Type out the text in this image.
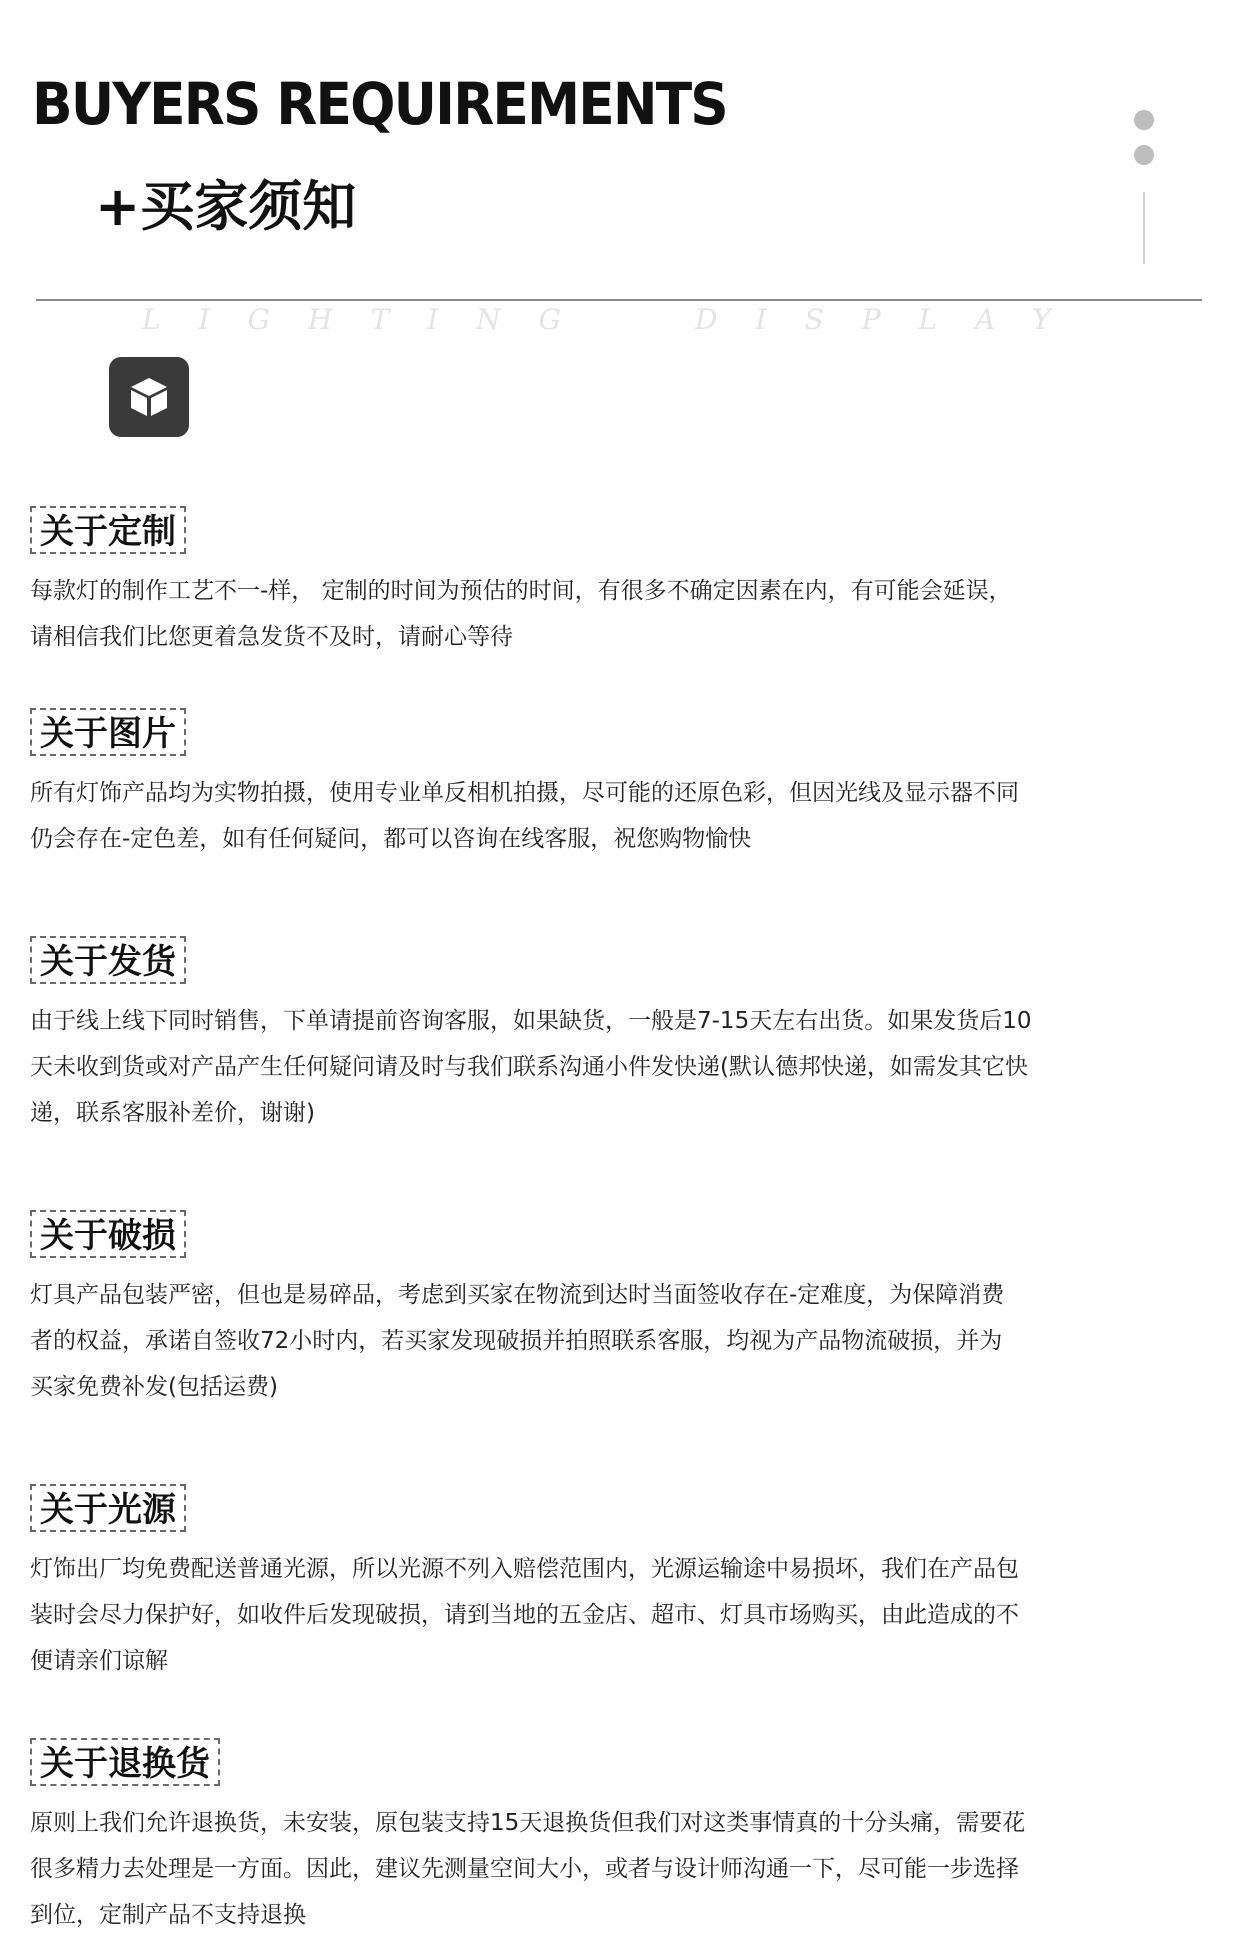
BUYERS REQUIREMENTS
+买家须知

LIGHTING	DISPLAY

关于定制

每款灯的制作工艺不一-样， 定制的时间为预估的时间，有很多不确定因素在内，有可能会延误，
请相信我们比您更着急发货不及时，请耐心等待

关于图片

所有灯饰产品均为实物拍摄，使用专业单反相机拍摄，尽可能的还原色彩，但因光线及显示器不同
仍会存在-定色差，如有任何疑问，都可以咨询在线客服，祝您购物愉快

关于发货

由于线上线下同时销售，下单请提前咨询客服，如果缺货，一般是7-15天左右出货。如果发货后10
天未收到货或对产品产生任何疑问请及时与我们联系沟通小件发快递(默认德邦快递，如需发其它快
递，联系客服补差价，谢谢)

关于破损

灯具产品包装严密，但也是易碎品，考虑到买家在物流到达时当面签收存在-定难度，为保障消费
者的权益，承诺自签收72小时内，若买家发现破损并拍照联系客服，均视为产品物流破损，并为
买家免费补发(包括运费)

关于光源

灯饰出厂均免费配送普通光源，所以光源不列入赔偿范围内，光源运输途中易损坏，我们在产品包
装时会尽力保护好，如收件后发现破损，请到当地的五金店、超市、灯具市场购买，由此造成的不
便请亲们谅解

关于退换货

原则上我们允许退换货，未安装，原包装支持15天退换货但我们对这类事情真的十分头痛，需要花
很多精力去处理是一方面。因此，建议先测量空间大小，或者与设计师沟通一下，尽可能一步选择
到位，定制产品不支持退换
